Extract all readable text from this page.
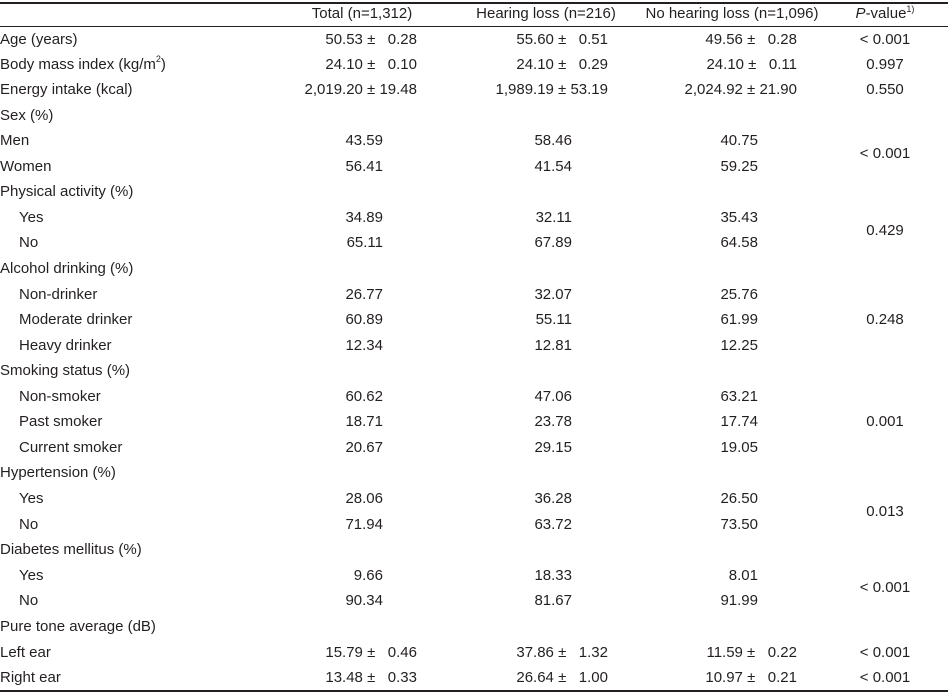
Total (n=1,312)	Hearing loss (n=216)	No hearing loss (n=1,096)	P-value$^{1)}$
Age (years)	50.53 ±   0.28	55.60 ±   0.51	49.56 ±   0.28	< 0.001
Body mass index $(kg/m^2)$	24.10 ±   0.10	24.10 ±   0.29	24.10 ±   0.11	0.997
Energy intake (kcal)	2,019.20 ± 19.48	1,989.19 ± 53.19	2,024.92 ± 21.90	0.550
Sex (%)
Men	43.59	58.46	40.75
Women	56.41	41.54	59.25
< 0.001
Physical activity (%)
Yes	34.89	32.11	35.43
No	65.11	67.89	64.58
0.429
Alcohol drinking (%)
Non-drinker	26.77	32.07	25.76
Moderate drinker	60.89	55.11	61.99
Heavy drinker	12.34	12.81	12.25
0.248
Smoking status (%)
Non-smoker	60.62	47.06	63.21
Past smoker	18.71	23.78	17.74
Current smoker	20.67	29.15	19.05
0.001
Hypertension (%)
Yes	28.06	36.28	26.50
No	71.94	63.72	73.50
0.013
Diabetes mellitus (%)
Yes	9.66	18.33	8.01
No	90.34	81.67	91.99
< 0.001
Pure tone average (dB)
Left ear	15.79 ±   0.46	37.86 ±   1.32	11.59 ±   0.22	< 0.001
Right ear	13.48 ±   0.33	26.64 ±   1.00	10.97 ±   0.21	< 0.001
